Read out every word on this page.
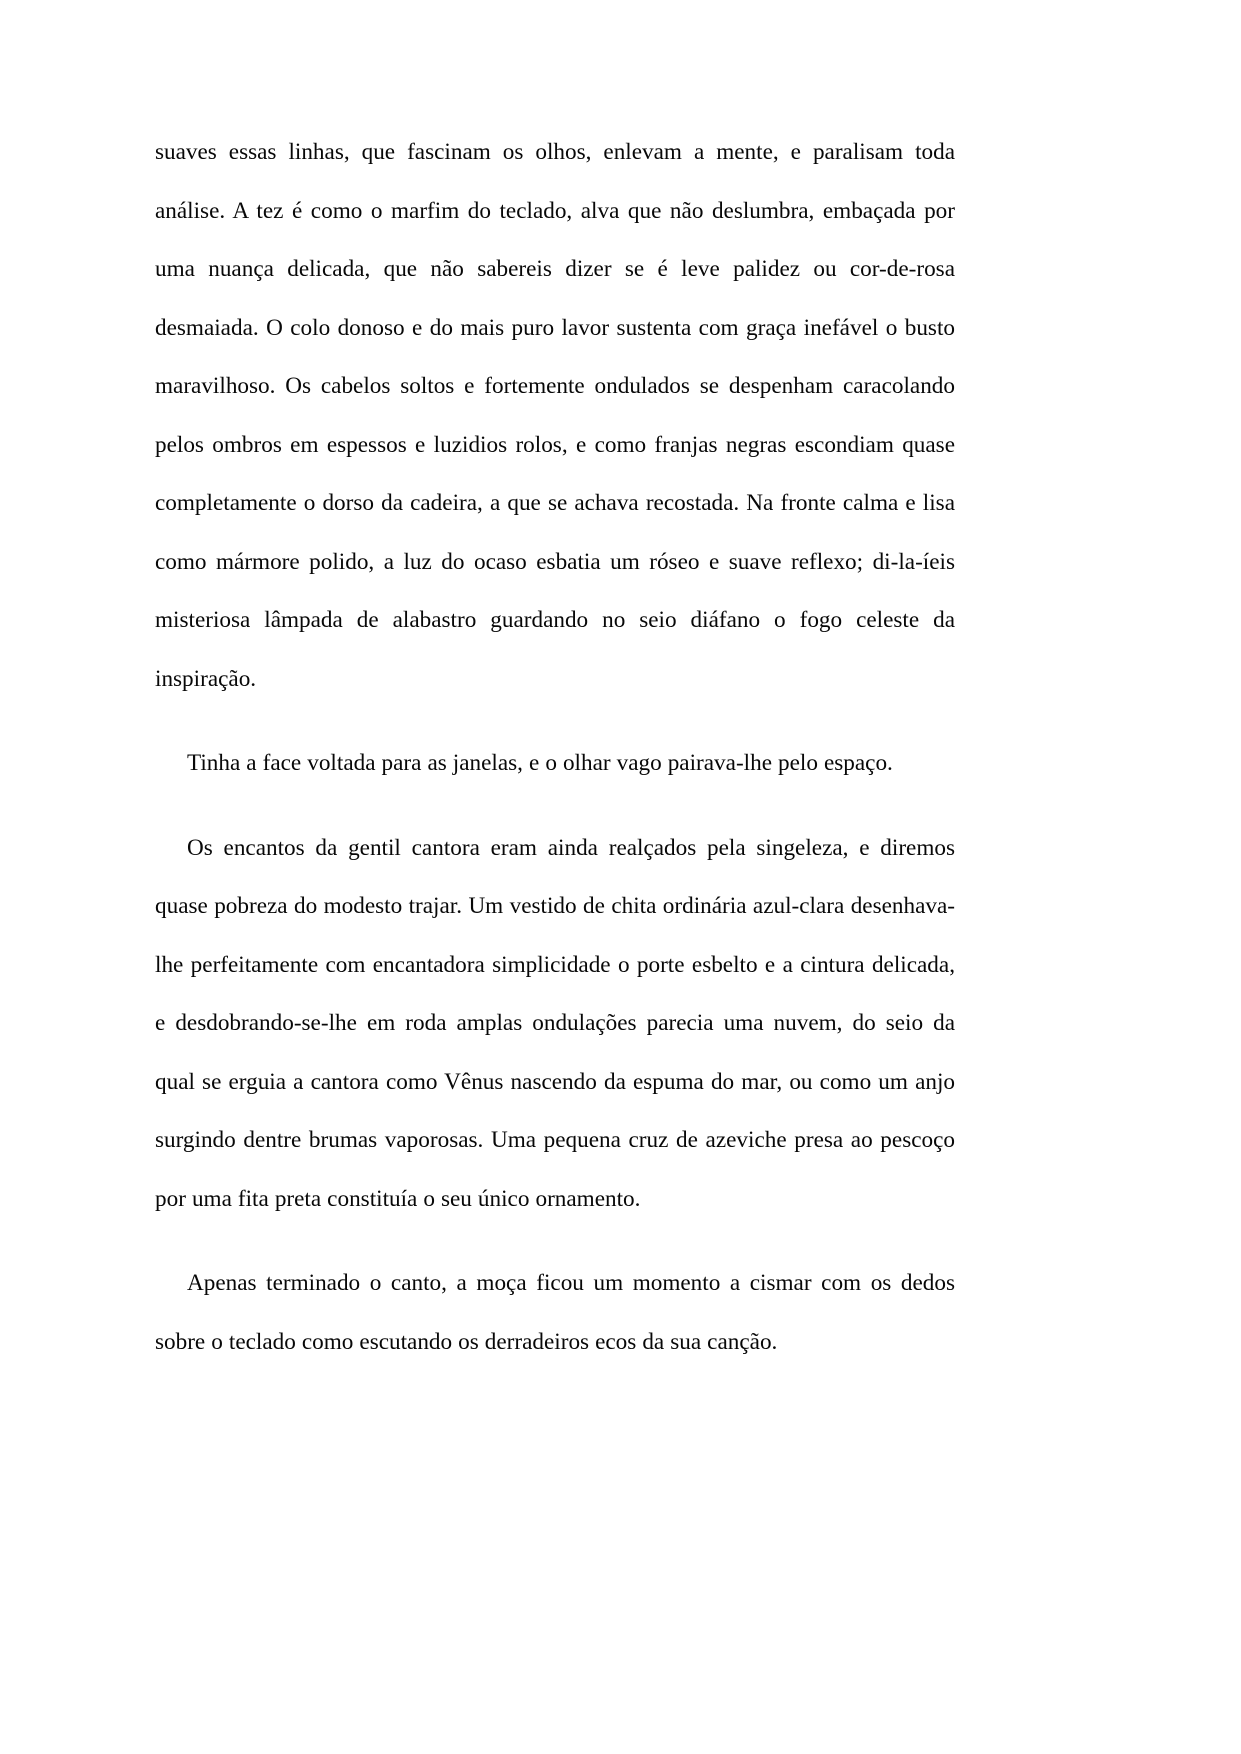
suaves essas linhas, que fascinam os olhos, enlevam a mente, e paralisam toda análise. A tez é como o marfim do teclado, alva que não deslumbra, embaçada por uma nuança delicada, que não sabereis dizer se é leve palidez ou cor-de-rosa desmaiada. O colo donoso e do mais puro lavor sustenta com graça inefável o busto maravilhoso. Os cabelos soltos e fortemente ondulados se despenham caracolando pelos ombros em espessos e luzidios rolos, e como franjas negras escondiam quase completamente o dorso da cadeira, a que se achava recostada. Na fronte calma e lisa como mármore polido, a luz do ocaso esbatia um róseo e suave reflexo; di-la-íeis misteriosa lâmpada de alabastro guardando no seio diáfano o fogo celeste da inspiração.

Tinha a face voltada para as janelas, e o olhar vago pairava-lhe pelo espaço.

Os encantos da gentil cantora eram ainda realçados pela singeleza, e diremos quase pobreza do modesto trajar. Um vestido de chita ordinária azul-clara desenhava-lhe perfeitamente com encantadora simplicidade o porte esbelto e a cintura delicada, e desdobrando-se-lhe em roda amplas ondulações parecia uma nuvem, do seio da qual se erguia a cantora como Vênus nascendo da espuma do mar, ou como um anjo surgindo dentre brumas vaporosas. Uma pequena cruz de azeviche presa ao pescoço por uma fita preta constituía o seu único ornamento.

Apenas terminado o canto, a moça ficou um momento a cismar com os dedos sobre o teclado como escutando os derradeiros ecos da sua canção.
